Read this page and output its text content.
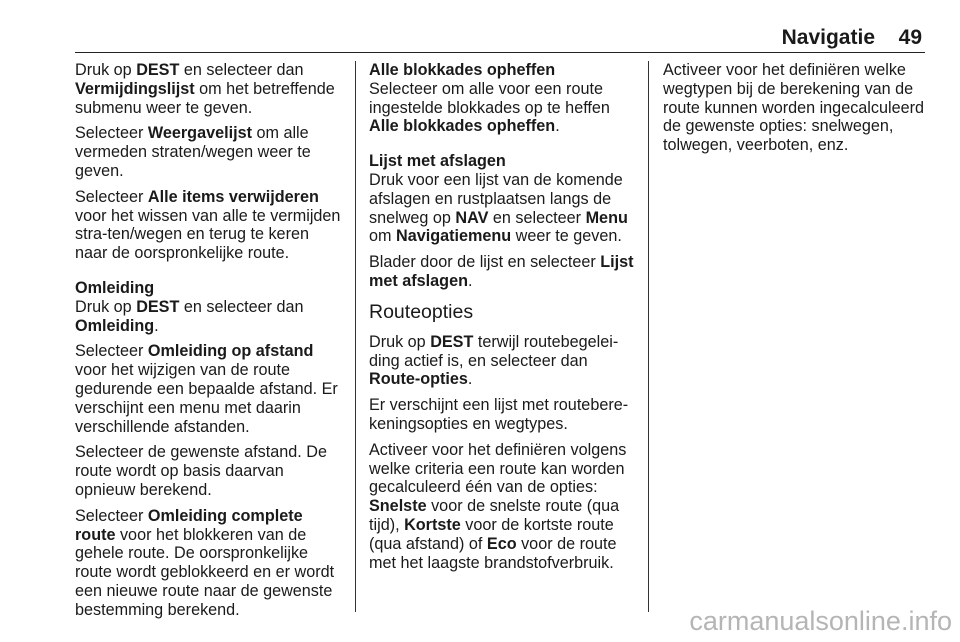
Navigatie 49

Druk op DEST en selecteer dan Vermijdingslijst om het betreffende submenu weer te geven.

Selecteer Weergavelijst om alle vermeden straten/wegen weer te geven.

Selecteer Alle items verwijderen voor het wissen van alle te vermijden stra-ten/wegen en terug te keren naar de oorspronkelijke route.

Omleiding

Druk op DEST en selecteer dan Omleiding.

Selecteer Omleiding op afstand voor het wijzigen van de route gedurende een bepaalde afstand. Er verschijnt een menu met daarin verschillende afstanden.

Selecteer de gewenste afstand. De route wordt op basis daarvan opnieuw berekend.

Selecteer Omleiding complete route voor het blokkeren van de gehele route. De oorspronkelijke route wordt geblokkeerd en er wordt een nieuwe route naar de gewenste bestemming berekend.

Alle blokkades opheffen

Selecteer om alle voor een route ingestelde blokkades op te heffen Alle blokkades opheffen.

Lijst met afslagen

Druk voor een lijst van de komende afslagen en rustplaatsen langs de snelweg op NAV en selecteer Menu om Navigatiemenu weer te geven.

Blader door de lijst en selecteer Lijst met afslagen.

Routeopties

Druk op DEST terwijl routebegelei-ding actief is, en selecteer dan Route-opties.

Er verschijnt een lijst met routebere-keningsopties en wegtypes.

Activeer voor het definiëren volgens welke criteria een route kan worden gecalculeerd één van de opties: Snelste voor de snelste route (qua tijd), Kortste voor de kortste route (qua afstand) of Eco voor de route met het laagste brandstofverbruik.

Activeer voor het definiëren welke wegtypen bij de berekening van de route kunnen worden ingecalculeerd de gewenste opties: snelwegen, tolwegen, veerboten, enz.

carmanualsonline.info
